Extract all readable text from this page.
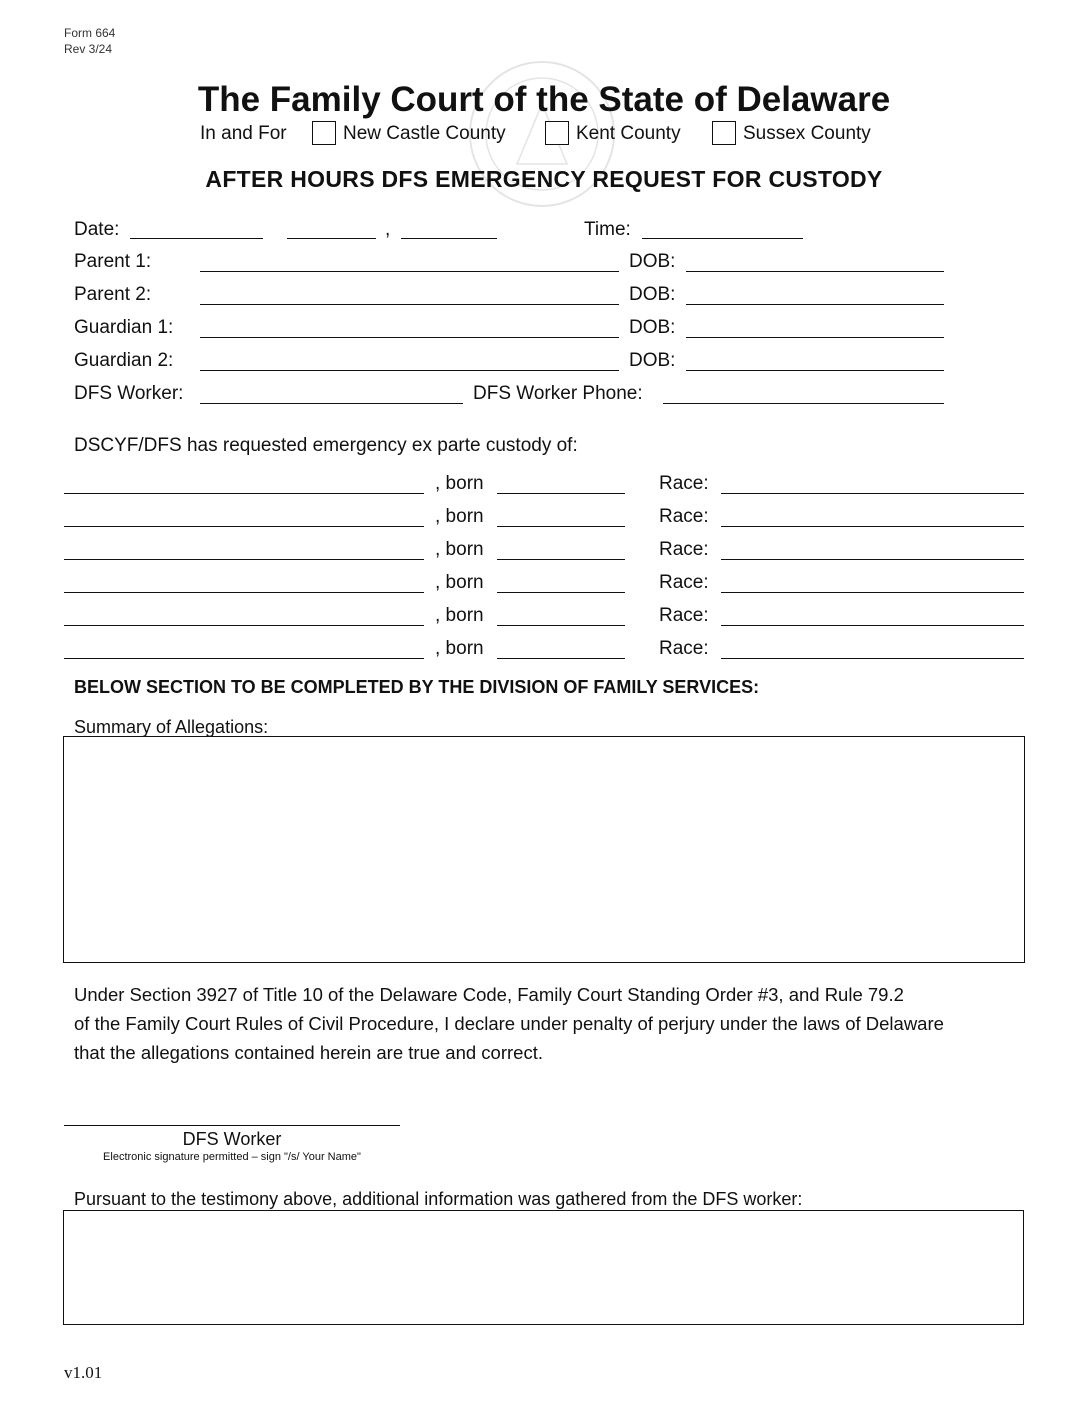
Form 664
Rev 3/24
The Family Court of the State of Delaware
In and For	New Castle County	Kent County	Sussex County
AFTER HOURS DFS EMERGENCY REQUEST FOR CUSTODY
Date:	,	Time:
Parent 1:	DOB:
Parent 2:	DOB:
Guardian 1:	DOB:
Guardian 2:	DOB:
DFS Worker:	DFS Worker Phone:
DSCYF/DFS has requested emergency ex parte custody of:
, born	Race:
, born	Race:
, born	Race:
, born	Race:
, born	Race:
, born	Race:
BELOW SECTION TO BE COMPLETED BY THE DIVISION OF FAMILY SERVICES:
Summary of Allegations:

Under Section 3927 of Title 10 of the Delaware Code, Family Court Standing Order #3, and Rule 79.2

of the Family Court Rules of Civil Procedure, I declare under penalty of perjury under the laws of Delaware

that the allegations contained herein are true and correct.

DFS Worker
Electronic signature permitted – sign "/s/ Your Name"
Pursuant to the testimony above, additional information was gathered from the DFS worker:
v1.01
